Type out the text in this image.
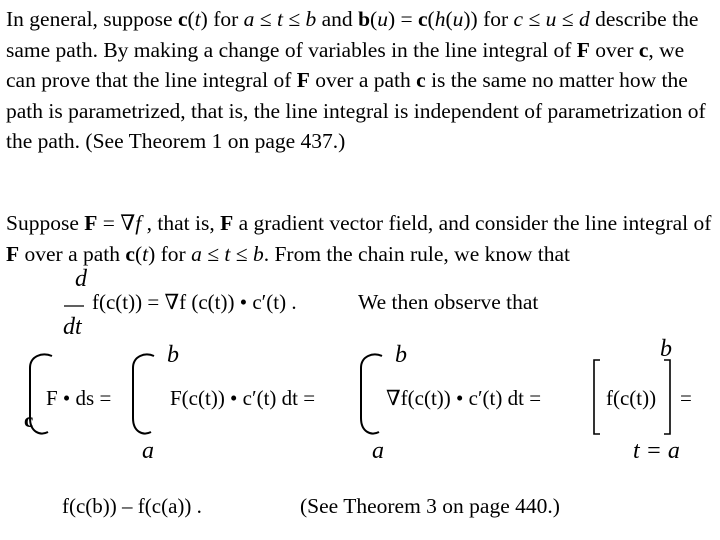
In general, suppose c(t) for a ≤ t ≤ b and b(u) = c(h(u)) for c ≤ u ≤ d describe the same path. By making a change of variables in the line integral of F over c, we can prove that the line integral of F over a path c is the same no matter how the path is parametrized, that is, the line integral is independent of parametrization of the path. (See Theorem 1 on page 437.)
Suppose F = ∇f , that is, F a gradient vector field, and consider the line integral of F over a path c(t) for a ≤ t ≤ b. From the chain rule, we know that
d
dt
f(c(t)) = ∇f (c(t)) • c′(t) .	We then observe that
F • ds =
c
b
a
F(c(t)) • c′(t) dt =
b
a
∇f(c(t)) • c′(t) dt =	f(c(t)) =
b
t = a
f(c(b)) – f(c(a)) .	(See Theorem 3 on page 440.)
